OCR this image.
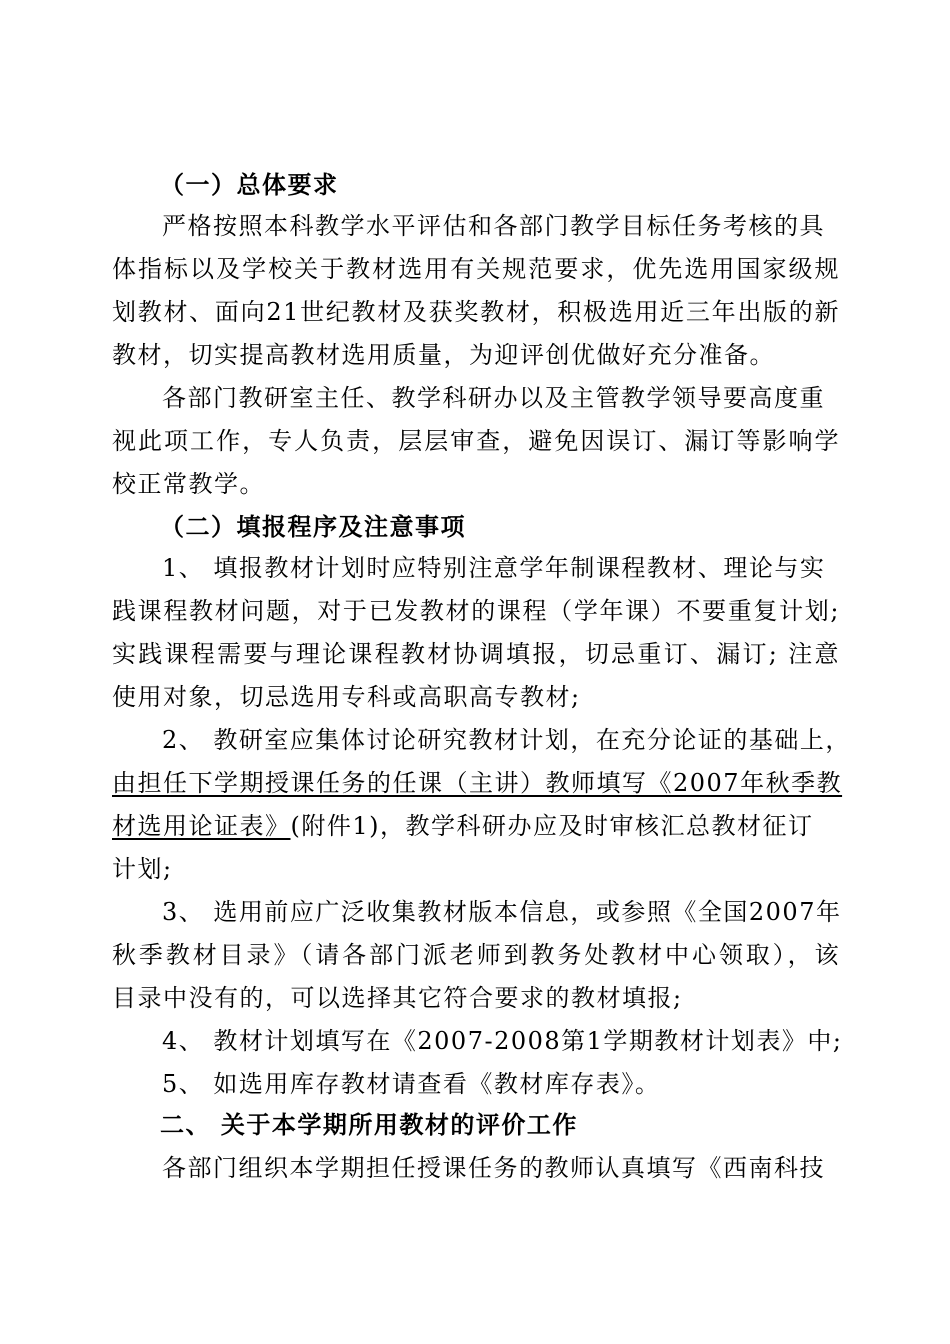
（一）总体要求
严格按照本科教学水平评估和各部门教学目标任务考核的具
体指标以及学校关于教材选用有关规范要求，优先选用国家级规
划教材、面向21世纪教材及获奖教材，积极选用近三年出版的新
教材，切实提高教材选用质量，为迎评创优做好充分准备。
各部门教研室主任、教学科研办以及主管教学领导要高度重
视此项工作，专人负责，层层审查，避免因误订、漏订等影响学
校正常教学。
（二）填报程序及注意事项
1、 填报教材计划时应特别注意学年制课程教材、理论与实
践课程教材问题，对于已发教材的课程（学年课）不要重复计划;
实践课程需要与理论课程教材协调填报，切忌重订、漏订; 注意
使用对象，切忌选用专科或高职高专教材;
2、 教研室应集体讨论研究教材计划，在充分论证的基础上，
由担任下学期授课任务的任课（主讲）教师填写《2007年秋季教
材选用论证表》(附件1)，教学科研办应及时审核汇总教材征订
计划;
3、 选用前应广泛收集教材版本信息，或参照《全国2007年
秋季教材目录》（请各部门派老师到教务处教材中心领取），该
目录中没有的，可以选择其它符合要求的教材填报;
4、 教材计划填写在《2007-2008第1学期教材计划表》中;
5、 如选用库存教材请查看《教材库存表》。
二、 关于本学期所用教材的评价工作
各部门组织本学期担任授课任务的教师认真填写《西南科技
